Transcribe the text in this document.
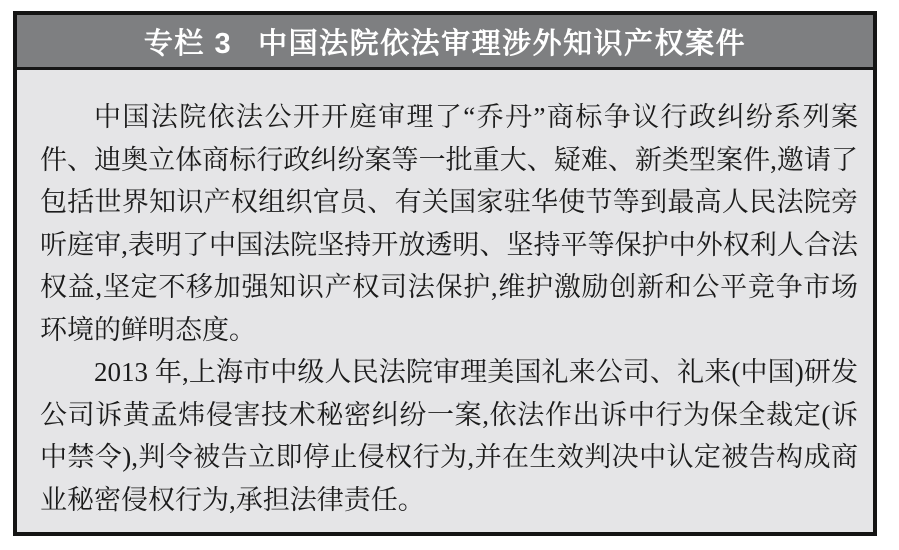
专栏 3 中国法院依法审理涉外知识产权案件

中国法院依法公开开庭审理了“乔丹”商标争议行政纠纷系列案件、迪奥立体商标行政纠纷案等一批重大、疑难、新类型案件,邀请了包括世界知识产权组织官员、有关国家驻华使节等到最高人民法院旁听庭审,表明了中国法院坚持开放透明、坚持平等保护中外权利人合法权益,坚定不移加强知识产权司法保护,维护激励创新和公平竞争市场环境的鲜明态度。

2013 年,上海市中级人民法院审理美国礼来公司、礼来(中国)研发公司诉黄孟炜侵害技术秘密纠纷一案,依法作出诉中行为保全裁定(诉中禁令),判令被告立即停止侵权行为,并在生效判决中认定被告构成商业秘密侵权行为,承担法律责任。
